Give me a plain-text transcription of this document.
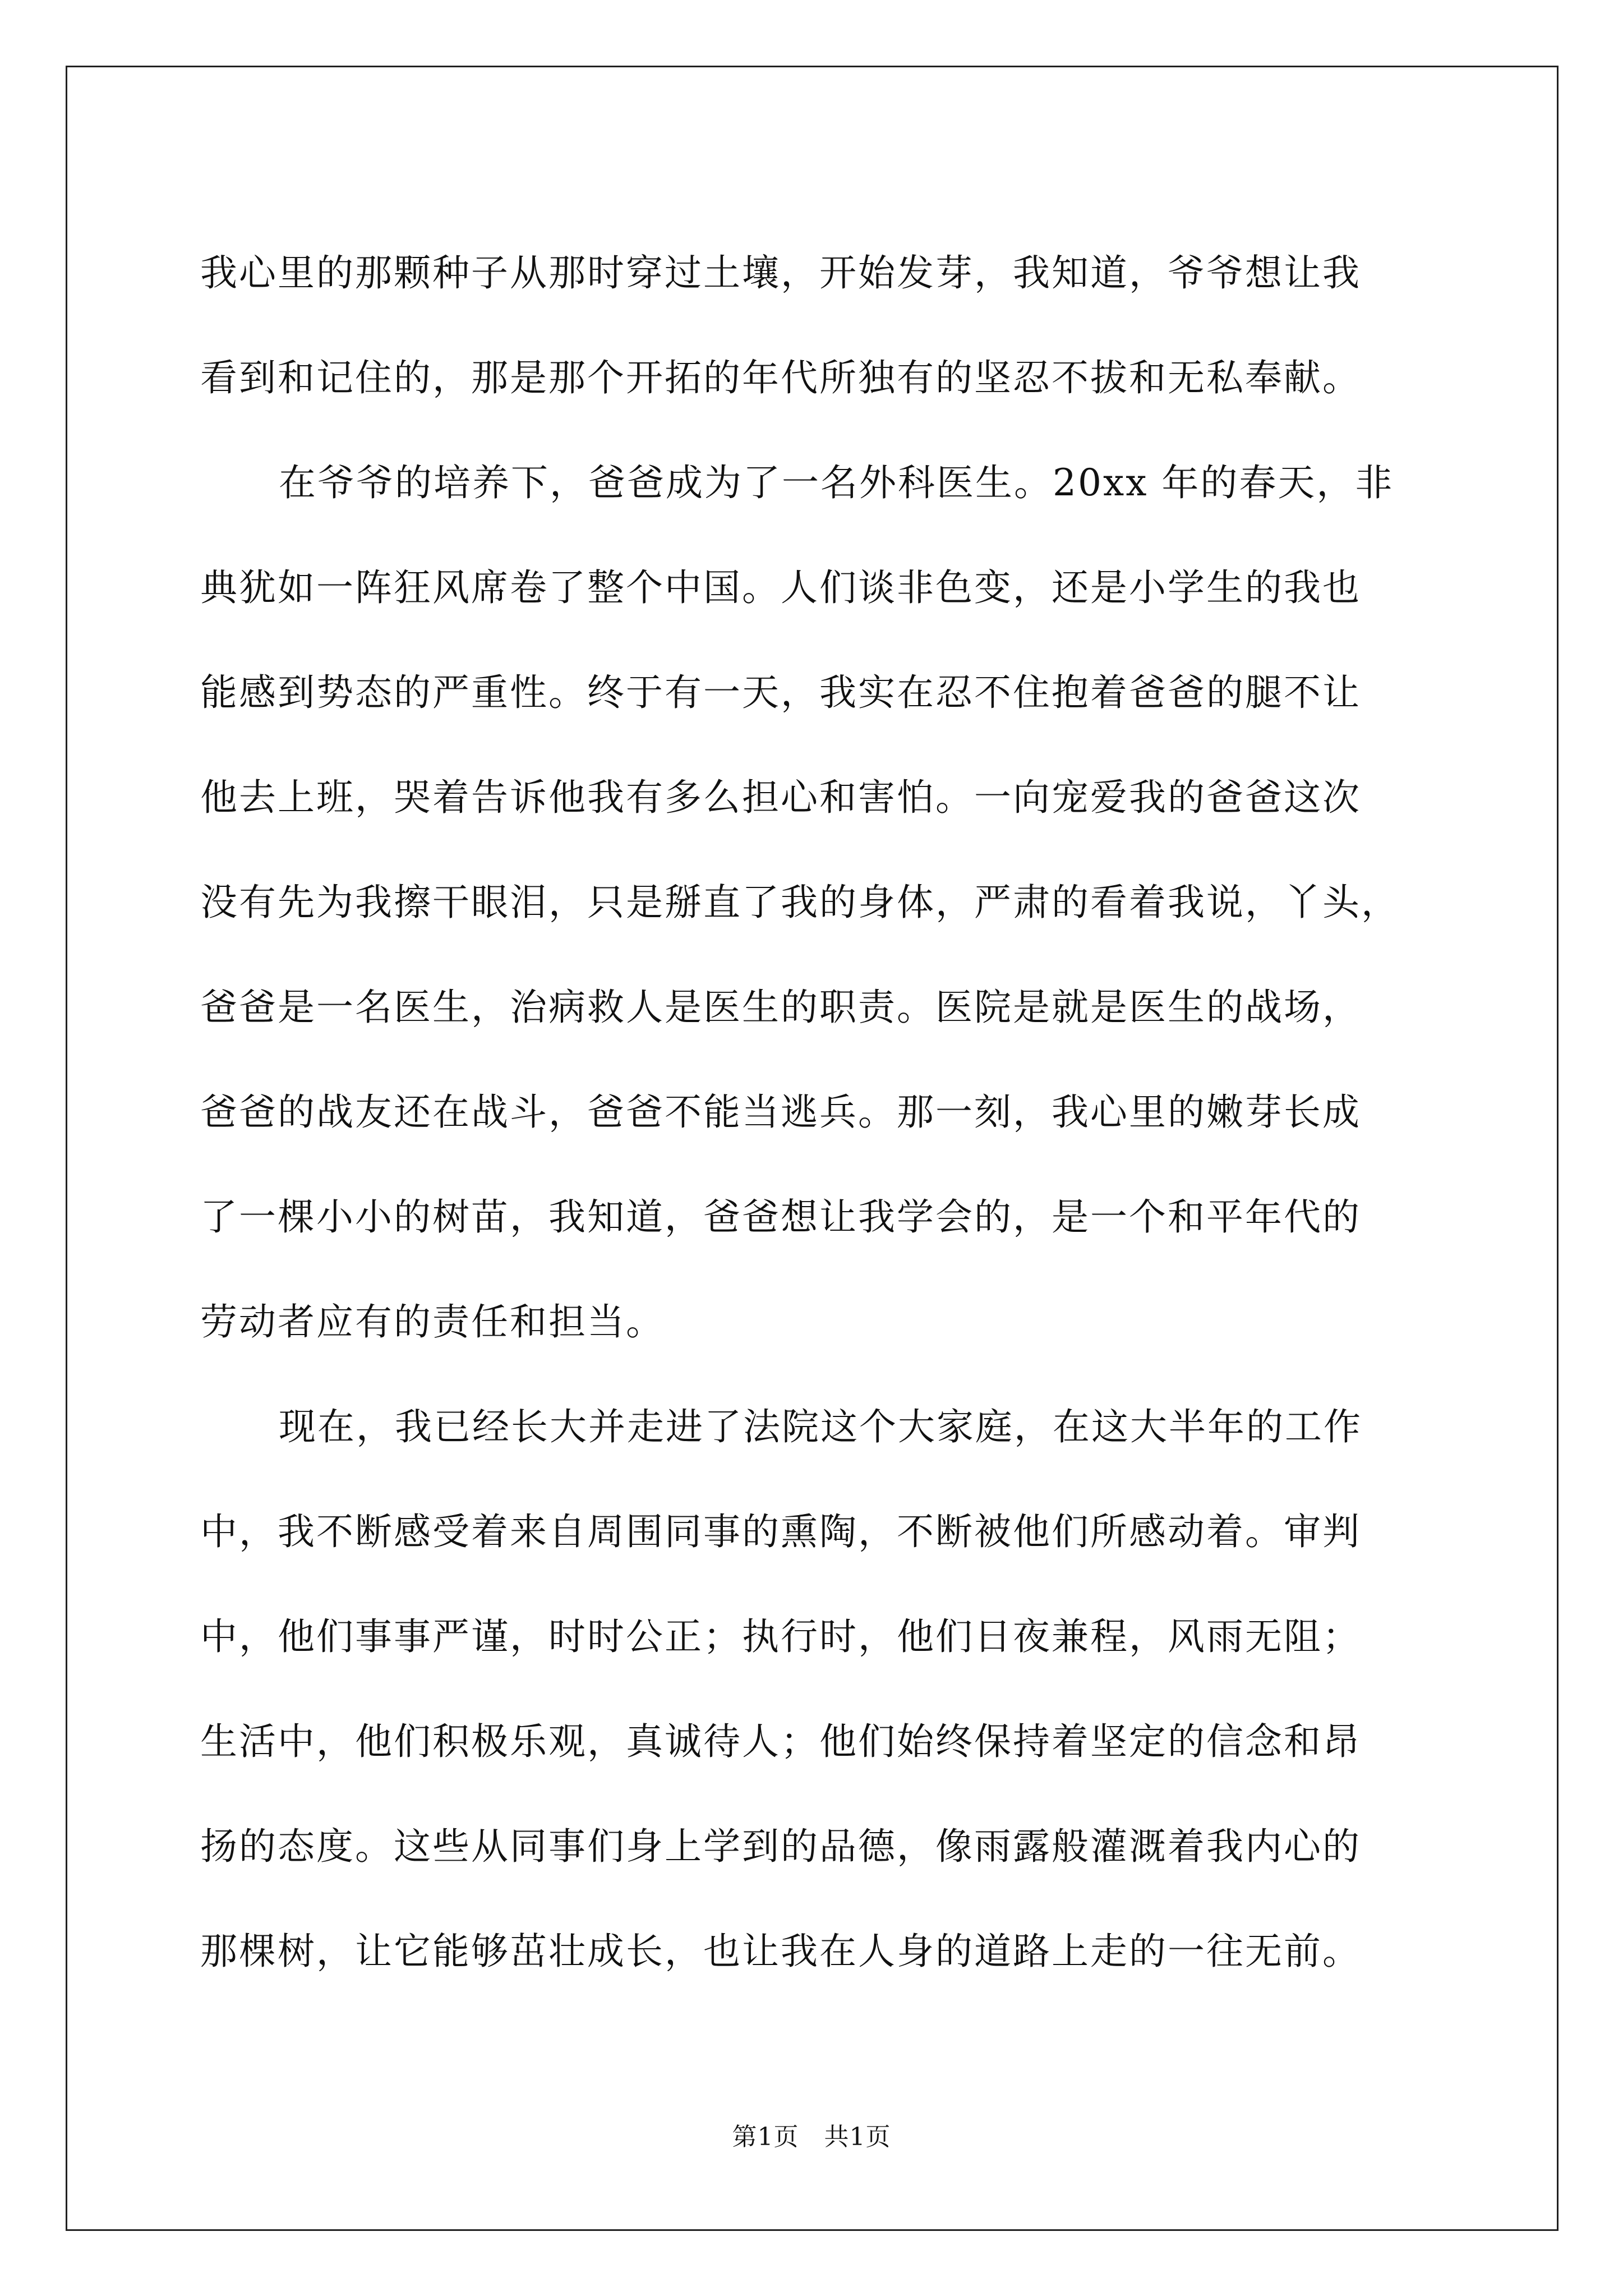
我心里的那颗种子从那时穿过土壤，开始发芽，我知道，爷爷想让我
看到和记住的，那是那个开拓的年代所独有的坚忍不拔和无私奉献。
在爷爷的培养下，爸爸成为了一名外科医生。20xx 年的春天，非
典犹如一阵狂风席卷了整个中国。人们谈非色变，还是小学生的我也
能感到势态的严重性。终于有一天，我实在忍不住抱着爸爸的腿不让
他去上班，哭着告诉他我有多么担心和害怕。一向宠爱我的爸爸这次
没有先为我擦干眼泪，只是掰直了我的身体，严肃的看着我说，丫头，
爸爸是一名医生，治病救人是医生的职责。医院是就是医生的战场，
爸爸的战友还在战斗，爸爸不能当逃兵。那一刻，我心里的嫩芽长成
了一棵小小的树苗，我知道，爸爸想让我学会的，是一个和平年代的
劳动者应有的责任和担当。
现在，我已经长大并走进了法院这个大家庭，在这大半年的工作
中，我不断感受着来自周围同事的熏陶，不断被他们所感动着。审判
中，他们事事严谨，时时公正；执行时，他们日夜兼程，风雨无阻；
生活中，他们积极乐观，真诚待人；他们始终保持着坚定的信念和昂
扬的态度。这些从同事们身上学到的品德，像雨露般灌溉着我内心的
那棵树，让它能够茁壮成长，也让我在人身的道路上走的一往无前。
第1页   共1页
